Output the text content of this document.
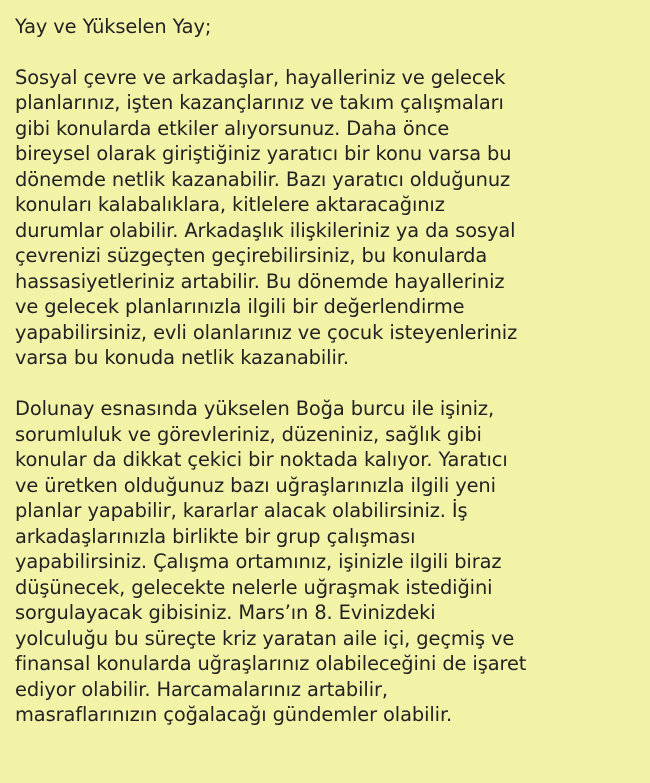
Yay ve Yükselen Yay;
Sosyal çevre ve arkadaşlar, hayalleriniz ve gelecek
planlarınız, işten kazançlarınız ve takım çalışmaları
gibi konularda etkiler alıyorsunuz. Daha önce
bireysel olarak giriştiğiniz yaratıcı bir konu varsa bu
dönemde netlik kazanabilir. Bazı yaratıcı olduğunuz
konuları kalabalıklara, kitlelere aktaracağınız
durumlar olabilir. Arkadaşlık ilişkileriniz ya da sosyal
çevrenizi süzgeçten geçirebilirsiniz, bu konularda
hassasiyetleriniz artabilir. Bu dönemde hayalleriniz
ve gelecek planlarınızla ilgili bir değerlendirme
yapabilirsiniz, evli olanlarınız ve çocuk isteyenleriniz
varsa bu konuda netlik kazanabilir.
Dolunay esnasında yükselen Boğa burcu ile işiniz,
sorumluluk ve görevleriniz, düzeniniz, sağlık gibi
konular da dikkat çekici bir noktada kalıyor. Yaratıcı
ve üretken olduğunuz bazı uğraşlarınızla ilgili yeni
planlar yapabilir, kararlar alacak olabilirsiniz. İş
arkadaşlarınızla birlikte bir grup çalışması
yapabilirsiniz. Çalışma ortamınız, işinizle ilgili biraz
düşünecek, gelecekte nelerle uğraşmak istediğini
sorgulayacak gibisiniz. Mars’ın 8. Evinizdeki
yolculuğu bu süreçte kriz yaratan aile içi, geçmiş ve
finansal konularda uğraşlarınız olabileceğini de işaret
ediyor olabilir. Harcamalarınız artabilir,
masraflarınızın çoğalacağı gündemler olabilir.
